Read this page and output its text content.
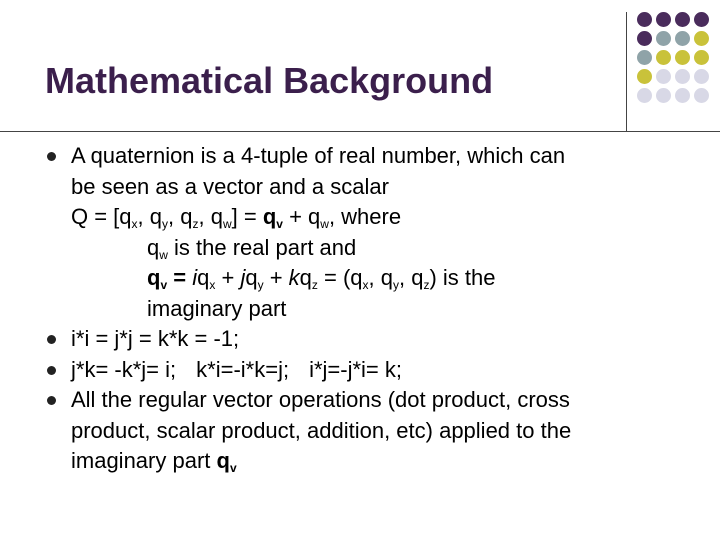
Mathematical Background
A quaternion is a 4-tuple of real number, which can
be seen as a vector and a scalar
$Q = [q_x$, $q_y$, $q_z$, $q_w] = q_v + q_w$, where
$q_w$ is the real part and
$q_v = iq_x + jq_y + kq_z = (q_x$, $q_y$, $q_z$) is the
imaginary part
i*i = j*j = k*k = -1;
j*k= -k*j= i; k*i=-i*k=j; i*j=-j*i= k;
All the regular vector operations (dot product, cross
product, scalar product, addition, etc) applied to the
imaginary part $q_v$
